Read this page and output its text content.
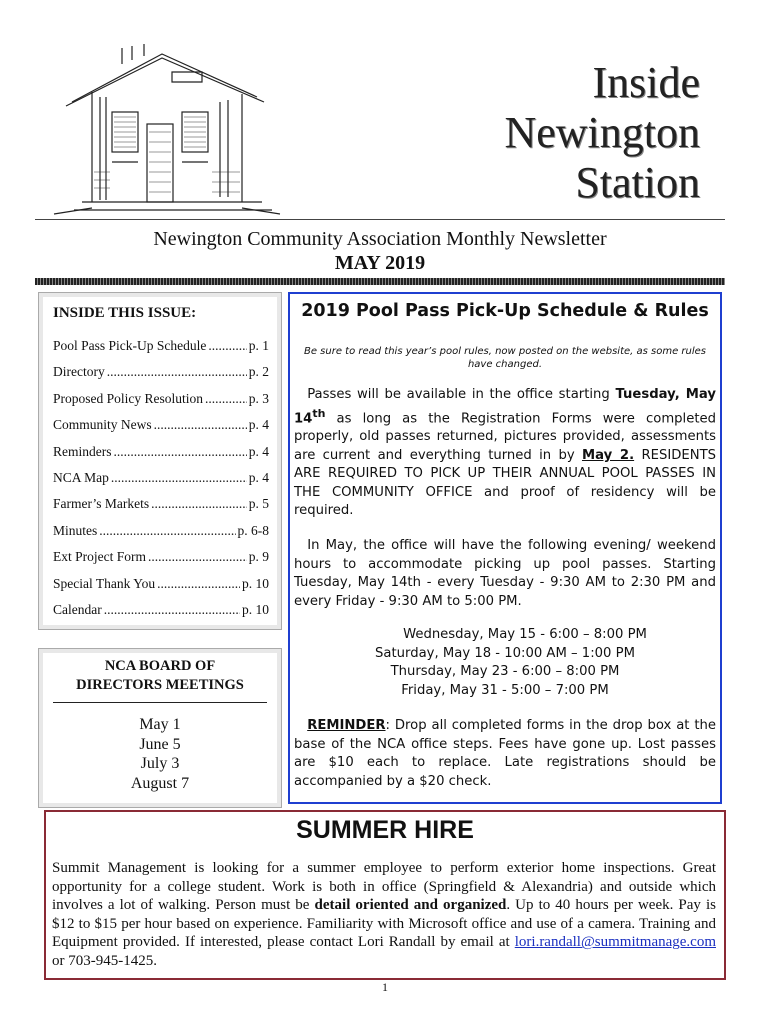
Inside
Newington
Station
Newington Community Association Monthly Newsletter
MAY 2019
INSIDE THIS ISSUE:
Pool Pass Pick-Up Schedule .....	p. 1
Directory .....	p. 2
Proposed Policy Resolution .....	p. 3
Community News .....	p. 4
Reminders .....	p. 4
NCA Map .....	p. 4
Farmer’s Markets .....	p. 5
Minutes .....	p. 6-8
Ext Project Form .....	p. 9
Special Thank You .....	p. 10
Calendar .....	p. 10
NCA BOARD OF
DIRECTORS MEETINGS
May 1
June 5
July 3
August 7
2019 Pool Pass Pick-Up Schedule & Rules
Be sure to read this year’s pool rules, now posted on the website, as some rules have changed.
 Passes will be available in the office starting Tuesday, May 14th as long as the Registration Forms were completed properly, old passes returned, pictures provided, assessments are current and everything turned in by May 2. RESIDENTS ARE REQUIRED TO PICK UP THEIR ANNUAL POOL PASSES IN THE COMMUNITY OFFICE and proof of residency will be required.
 In May, the office will have the following evening/ weekend hours to accommodate picking up pool passes. Starting Tuesday, May 14th - every Tuesday - 9:30 AM to 2:30 PM and every Friday - 9:30 AM to 5:00 PM.
Wednesday, May 15 - 6:00 – 8:00 PM
Saturday, May 18 - 10:00 AM – 1:00 PM
Thursday, May 23 - 6:00 – 8:00 PM
Friday, May 31 - 5:00 – 7:00 PM
 REMINDER: Drop all completed forms in the drop box at the base of the NCA office steps. Fees have gone up. Lost passes are $10 each to replace. Late registrations should be accompanied by a $20 check.
SUMMER HIRE
Summit Management is looking for a summer employee to perform exterior home inspections. Great opportunity for a college student. Work is both in office (Springfield & Alexandria) and outside which involves a lot of walking. Person must be detail oriented and organized. Up to 40 hours per week. Pay is $12 to $15 per hour based on experience. Familiarity with Microsoft office and use of a camera. Training and Equipment provided. If interested, please contact Lori Randall by email at lori.randall@summitmanage.com or 703-945-1425.
1
